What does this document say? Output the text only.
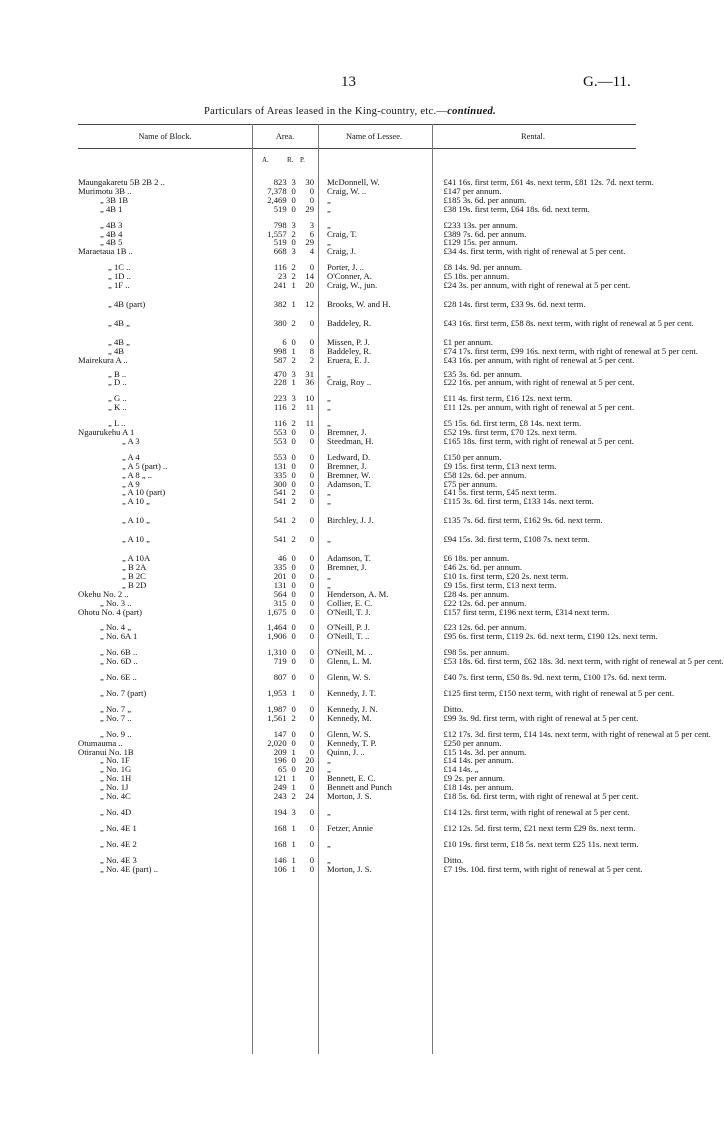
13	G.—11.
Particulars of Areas leased in the King-country, etc.—continued.
Name of Block.	Area.	Name of Lessee.	Rental.
A.	R. P.
Maungakaretu 5B 2B 2 ..	823	3	30	McDonnell, W.	£41 16s. first term, £61 4s. next term, £81 12s. 7d. next term.
Murimotu 3B ..	7,378	0	0	Craig, W. ..	£147 per annum.
„ 3B 1B	2,469	0	0	„	£185 3s. 6d. per annum.
„ 4B 1	519	0	29	„	£38 19s. first term, £64 18s. 6d. next term.
„ 4B 3	798	3	3	„	£233 13s. per annum.
„ 4B 4	1,557	2	6	Craig, T.	£389 7s. 6d. per annum.
„ 4B 5	519	0	29	„	£129 15s. per annum.
Maraetaua 1B ..	668	3	4	Craig, J.	£34 4s. first term, with right of renewal at 5 per cent.
„ 1C ..	116	2	0	Porter, J. ..	£8 14s. 9d. per annum.
„ 1D ..	23	2	14	O'Conner, A.	£5 18s. per annum.
„ 1F ..	241	1	20	Craig, W., jun.	£24 3s. per annum, with right of renewal at 5 per cent.
„ 4B (part)	382	1	12	Brooks, W. and H.	£28 14s. first term, £33 9s. 6d. next term.
„ 4B „	380	2	0	Baddeley, R.	£43 16s. first term, £58 8s. next term, with right of renewal at 5 per cent.
„ 4B „	6	0	0	Missen, P. J.	£1 per annum.
„ 4B	998	1	8	Baddeley, R.	£74 17s. first term, £99 16s. next term, with right of renewal at 5 per cent.
Mairekura A ..	587	2	2	Eruera, E. J.	£43 16s. per annum, with right of renewal at 5 per cent.
„ B ..	470	3	31	„	£35 3s. 6d. per annum.
„ D ..	228	1	36	Craig, Roy ..	£22 16s. per annum, with right of renewal at 5 per cent.
„ G ..	223	3	10	„	£11 4s. first term, £16 12s. next term.
„ K ..	116	2	11	„	£11 12s. per annum, with right of renewal at 5 per cent.
„ L ..	116	2	11	„	£5 15s. 6d. first term, £8 14s. next term.
Ngaurukehu A 1	553	0	0	Bremner, J.	£52 19s. first term, £70 12s. next term.
„ A 3	553	0	0	Steedman, H.	£165 18s. first term, with right of renewal at 5 per cent.
„ A 4	553	0	0	Ledward, D.	£150 per annum.
„ A 5 (part) ..	131	0	0	Bremner, J.	£9 15s. first term, £13 next term.
„ A 8 „ ..	335	0	0	Bremner, W.	£58 12s. 6d. per annum.
„ A 9	300	0	0	Adamson, T.	£75 per annum.
„ A 10 (part)	541	2	0	„	£41 5s. first term, £45 next term.
„ A 10 „	541	2	0	„	£115 3s. 6d. first term, £133 14s. next term.
„ A 10 „	541	2	0	Birchley, J. J.	£135 7s. 6d. first term, £162 9s. 6d. next term.
„ A 10 „	541	2	0	„	£94 15s. 3d. first term, £108 7s. next term.
„ A 10A	46	0	0	Adamson, T.	£6 18s. per annum.
„ B 2A	335	0	0	Bremner, J.	£46 2s. 6d. per annum.
„ B 2C	201	0	0	„	£10 1s. first term, £20 2s. next term.
„ B 2D	131	0	0	„	£9 15s. first term, £13 next term.
Okehu No. 2 ..	564	0	0	Henderson, A. M.	£28 4s. per annum.
„ No. 3 ..	315	0	0	Collier, E. C.	£22 12s. 6d. per annum.
Ohotu No. 4 (part)	1,675	0	0	O'Neill, T. J.	£157 first term, £196 next term, £314 next term.
„ No. 4 „	1,464	0	0	O'Neill, P. J.	£23 12s. 6d. per annum.
„ No. 6A 1	1,906	0	0	O'Neill, T. ..	£95 6s. first term, £119 2s. 6d. next term, £190 12s. next term.
„ No. 6B ..	1,310	0	0	O'Neill, M. ..	£98 5s. per annum.
„ No. 6D ..	719	0	0	Glenn, L. M.	£53 18s. 6d. first term, £62 18s. 3d. next term, with right of renewal at 5 per cent.
„ No. 6E ..	807	0	0	Glenn, W. S.	£40 7s. first term, £50 8s. 9d. next term, £100 17s. 6d. next term.
„ No. 7 (part)	1,953	1	0	Kennedy, J. T.	£125 first term, £150 next term, with right of renewal at 5 per cent.
„ No. 7 „	1,987	0	0	Kennedy, J. N.	Ditto.
„ No. 7 ..	1,561	2	0	Kennedy, M.	£99 3s. 9d. first term, with right of renewal at 5 per cent.
„ No. 9 ..	147	0	0	Glenn, W. S.	£12 17s. 3d. first term, £14 14s. next term, with right of renewal at 5 per cent.
Otumauma ..	2,020	0	0	Kennedy, T. P.	£250 per annum.
Otiranui No. 1B	209	1	0	Quinn, J. ..	£15 14s. 3d. per annum.
„ No. 1F	196	0	20	„	£14 14s. per annum.
„ No. 1G	65	0	20	„	£14 14s. „
„ No. 1H	121	1	0	Bennett, E. C.	£9 2s. per annum.
„ No. 1J	249	1	0	Bennett and Punch	£18 14s. per annum.
„ No. 4C	243	2	24	Morton, J. S.	£18 5s. 6d. first term, with right of renewal at 5 per cent.
„ No. 4D	194	3	0	„	£14 12s. first term, with right of renewal at 5 per cent.
„ No. 4E 1	168	1	0	Fetzer, Annie	£12 12s. 5d. first term, £21 next term £29 8s. next term.
„ No. 4E 2	168	1	0	„	£10 19s. first term, £18 5s. next term £25 11s. next term.
„ No. 4E 3	146	1	0	„	Ditto.
„ No. 4E (part) ..	106	1	0	Morton, J. S.	£7 19s. 10d. first term, with right of renewal at 5 per cent.
